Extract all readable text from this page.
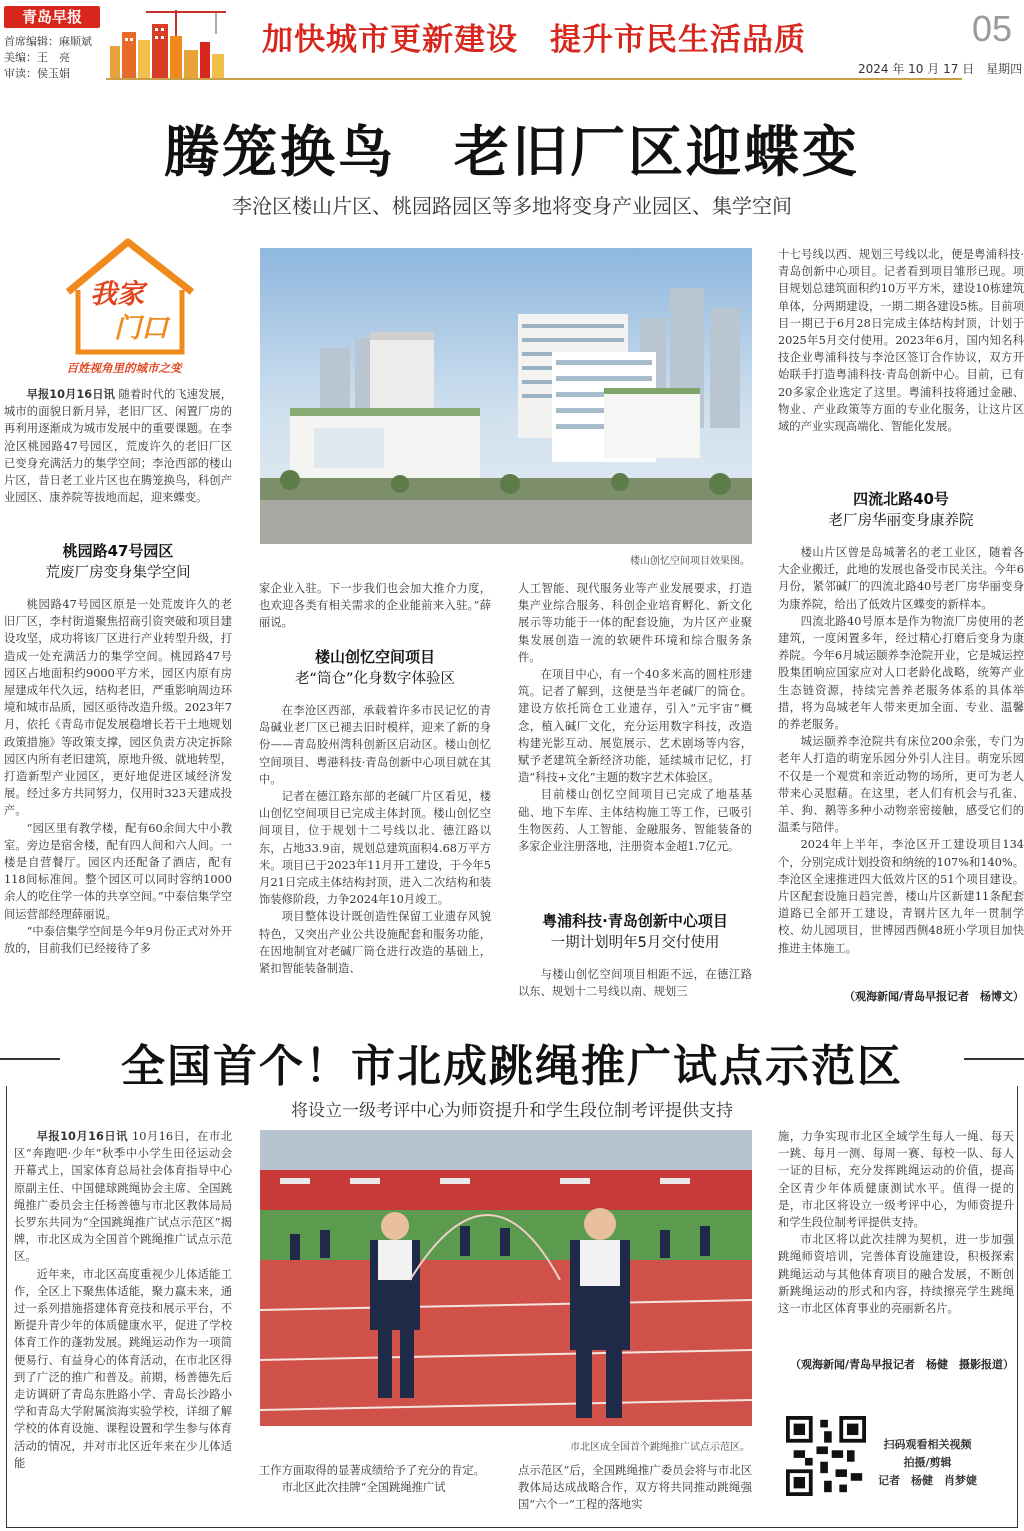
青岛早报
首席编辑：麻顺斌
美编：王　亮
审读：侯玉娟
加快城市更新建设　提升市民生活品质	05
2024 年 10 月 17 日　星期四
腾笼换鸟　老旧厂区迎蝶变
李沧区楼山片区、桃园路园区等多地将变身产业园区、集学空间
我家
门口
百姓视角里的城市之变

早报10月16日讯 随着时代的飞速发展，城市的面貌日新月异，老旧厂区、闲置厂房的再利用逐渐成为城市发展中的重要课题。在李沧区桃园路47号园区，荒废许久的老旧厂区已变身充满活力的集学空间；李沧西部的楼山片区，昔日老工业片区也在腾笼换鸟，科创产业园区、康养院等拔地而起，迎来蝶变。

桃园路47号园区
荒废厂房变身集学空间

桃园路47号园区原是一处荒废许久的老旧厂区，李村街道聚焦招商引资突破和项目建设攻坚，成功将该厂区进行产业转型升级，打造成一处充满活力的集学空间。桃园路47号园区占地面积约9000平方米，园区内原有房屋建成年代久远，结构老旧，严重影响周边环境和城市品质，园区亟待改造升级。2023年7月，依托《青岛市促发展稳增长若干土地规划政策措施》等政策支撑，园区负责方决定拆除园区内所有老旧建筑，原地升级、就地转型，打造新型产业园区，更好地促进区域经济发展。经过多方共同努力，仅用时323天建成投产。

“园区里有教学楼，配有60余间大中小教室。旁边是宿舍楼，配有四人间和六人间。一楼是自营餐厅。园区内还配备了酒店，配有118间标准间。整个园区可以同时容纳1000余人的吃住学一体的共享空间。”中泰信集学空间运营部经理薛丽说。

“中泰信集学空间是今年9月份正式对外开放的，目前我们已经接待了多

楼山创忆空间项目效果图。

家企业入驻。下一步我们也会加大推介力度，也欢迎各类有相关需求的企业能前来入驻。”薛丽说。

楼山创忆空间项目
老“筒仓”化身数字体验区

在李沧区西部，承载着许多市民记忆的青岛碱业老厂区已褪去旧时模样，迎来了新的身份——青岛胶州湾科创新区启动区。楼山创忆空间项目、粤港科技·青岛创新中心项目就在其中。

记者在德江路东部的老碱厂片区看见，楼山创忆空间项目已完成主体封顶。楼山创忆空间项目，位于规划十二号线以北、德江路以东，占地33.9亩，规划总建筑面积4.68万平方米。项目已于2023年11月开工建设，于今年5月21日完成主体结构封顶，进入二次结构和装饰装修阶段，力争2024年10月竣工。

项目整体设计既创造性保留工业遗存风貌特色，又突出产业公共设施配套和服务功能，在因地制宜对老碱厂筒仓进行改造的基础上，紧扣智能装备制造、

人工智能、现代服务业等产业发展要求，打造集产业综合服务、科创企业培育孵化、新文化展示等功能于一体的配套设施，为片区产业聚集发展创造一流的软硬件环境和综合服务条件。

在项目中心，有一个40多米高的圆柱形建筑。记者了解到，这便是当年老碱厂的筒仓。建设方依托筒仓工业遗存，引入“元宇宙”概念，植入碱厂文化，充分运用数字科技，改造构建光影互动、展览展示、艺术剧场等内容，赋予老建筑全新经济功能，延续城市记忆，打造“科技+文化”主题的数字艺术体验区。

目前楼山创忆空间项目已完成了地基基础、地下车库、主体结构施工等工作，已吸引生物医药、人工智能、金融服务、智能装备的多家企业注册落地，注册资本金超1.7亿元。

粤浦科技·青岛创新中心项目
一期计划明年5月交付使用

与楼山创忆空间项目相距不远，在德江路以东、规划十二号线以南、规划三

十七号线以西、规划三号线以北，便是粤浦科技·青岛创新中心项目。记者看到项目雏形已现。项目规划总建筑面积约10万平方米，建设10栋建筑单体，分两期建设，一期二期各建设5栋。目前项目一期已于6月28日完成主体结构封顶，计划于2025年5月交付使用。2023年6月，国内知名科技企业粤浦科技与李沧区签订合作协议，双方开始联手打造粤浦科技·青岛创新中心。目前，已有20多家企业选定了这里。粤浦科技将通过金融、物业、产业政策等方面的专业化服务，让这片区域的产业实现高端化、智能化发展。

四流北路40号
老厂房华丽变身康养院

楼山片区曾是岛城著名的老工业区，随着各大企业搬迁，此地的发展也备受市民关注。今年6月份，紧邻碱厂的四流北路40号老厂房华丽变身为康养院，给出了低效片区蝶变的新样本。

四流北路40号原本是作为物流厂房使用的老建筑，一度闲置多年，经过精心打磨后变身为康养院。今年6月城运颐养李沧院开业，它是城运控股集团响应国家应对人口老龄化战略，统筹产业生态链资源，持续完善养老服务体系的具体举措，将为岛城老年人带来更加全面、专业、温馨的养老服务。

城运颐养李沧院共有床位200余张，专门为老年人打造的萌宠乐园分外引人注目。萌宠乐园不仅是一个观赏和亲近动物的场所，更可为老人带来心灵慰藉。在这里，老人们有机会与孔雀、羊、狗、鹅等多种小动物亲密接触，感受它们的温柔与陪伴。

2024年上半年，李沧区开工建设项目134个，分别完成计划投资和纳统的107%和140%。李沧区全速推进四大低效片区的51个项目建设。片区配套设施日趋完善，楼山片区新建11条配套道路已全部开工建设，青钢片区九年一贯制学校、幼儿园项目，世博园西侧48班小学项目加快推进主体施工。

（观海新闻/青岛早报记者　杨博文）
全国首个！市北成跳绳推广试点示范区
将设立一级考评中心为师资提升和学生段位制考评提供支持

早报10月16日讯 10月16日，在市北区“奔跑吧·少年”秋季中小学生田径运动会开幕式上，国家体育总局社会体育指导中心原副主任、中国健球跳绳协会主席、全国跳绳推广委员会主任杨善德与市北区教体局局长罗东共同为“全国跳绳推广试点示范区”揭牌，市北区成为全国首个跳绳推广试点示范区。

近年来，市北区高度重视少儿体适能工作，全区上下聚焦体适能，聚力赢未来，通过一系列措施搭建体育竞技和展示平台，不断提升青少年的体质健康水平，促进了学校体育工作的蓬勃发展。跳绳运动作为一项简便易行、有益身心的体育活动，在市北区得到了广泛的推广和普及。前期，杨善德先后走访调研了青岛东胜路小学、青岛长沙路小学和青岛大学附属滨海实验学校，详细了解学校的体育设施、课程设置和学生参与体育活动的情况，并对市北区近年来在少儿体适能

市北区成全国首个跳绳推广试点示范区。

工作方面取得的显著成绩给予了充分的肯定。

市北区此次挂牌“全国跳绳推广试

点示范区”后，全国跳绳推广委员会将与市北区教体局达成战略合作，双方将共同推动跳绳强国“六个一”工程的落地实

施，力争实现市北区全域学生每人一绳、每天一跳、每月一测、每周一赛、每校一队、每人一证的目标，充分发挥跳绳运动的价值，提高全区青少年体质健康测试水平。值得一提的是，市北区将设立一级考评中心，为师资提升和学生段位制考评提供支持。

市北区将以此次挂牌为契机，进一步加强跳绳师资培训，完善体育设施建设，积极探索跳绳运动与其他体育项目的融合发展，不断创新跳绳运动的形式和内容，持续擦亮学生跳绳这一市北区体育事业的亮丽新名片。

（观海新闻/青岛早报记者　杨健　摄影报道）
扫码观看相关视频
拍摄/剪辑
记者　杨健　肖梦婕
